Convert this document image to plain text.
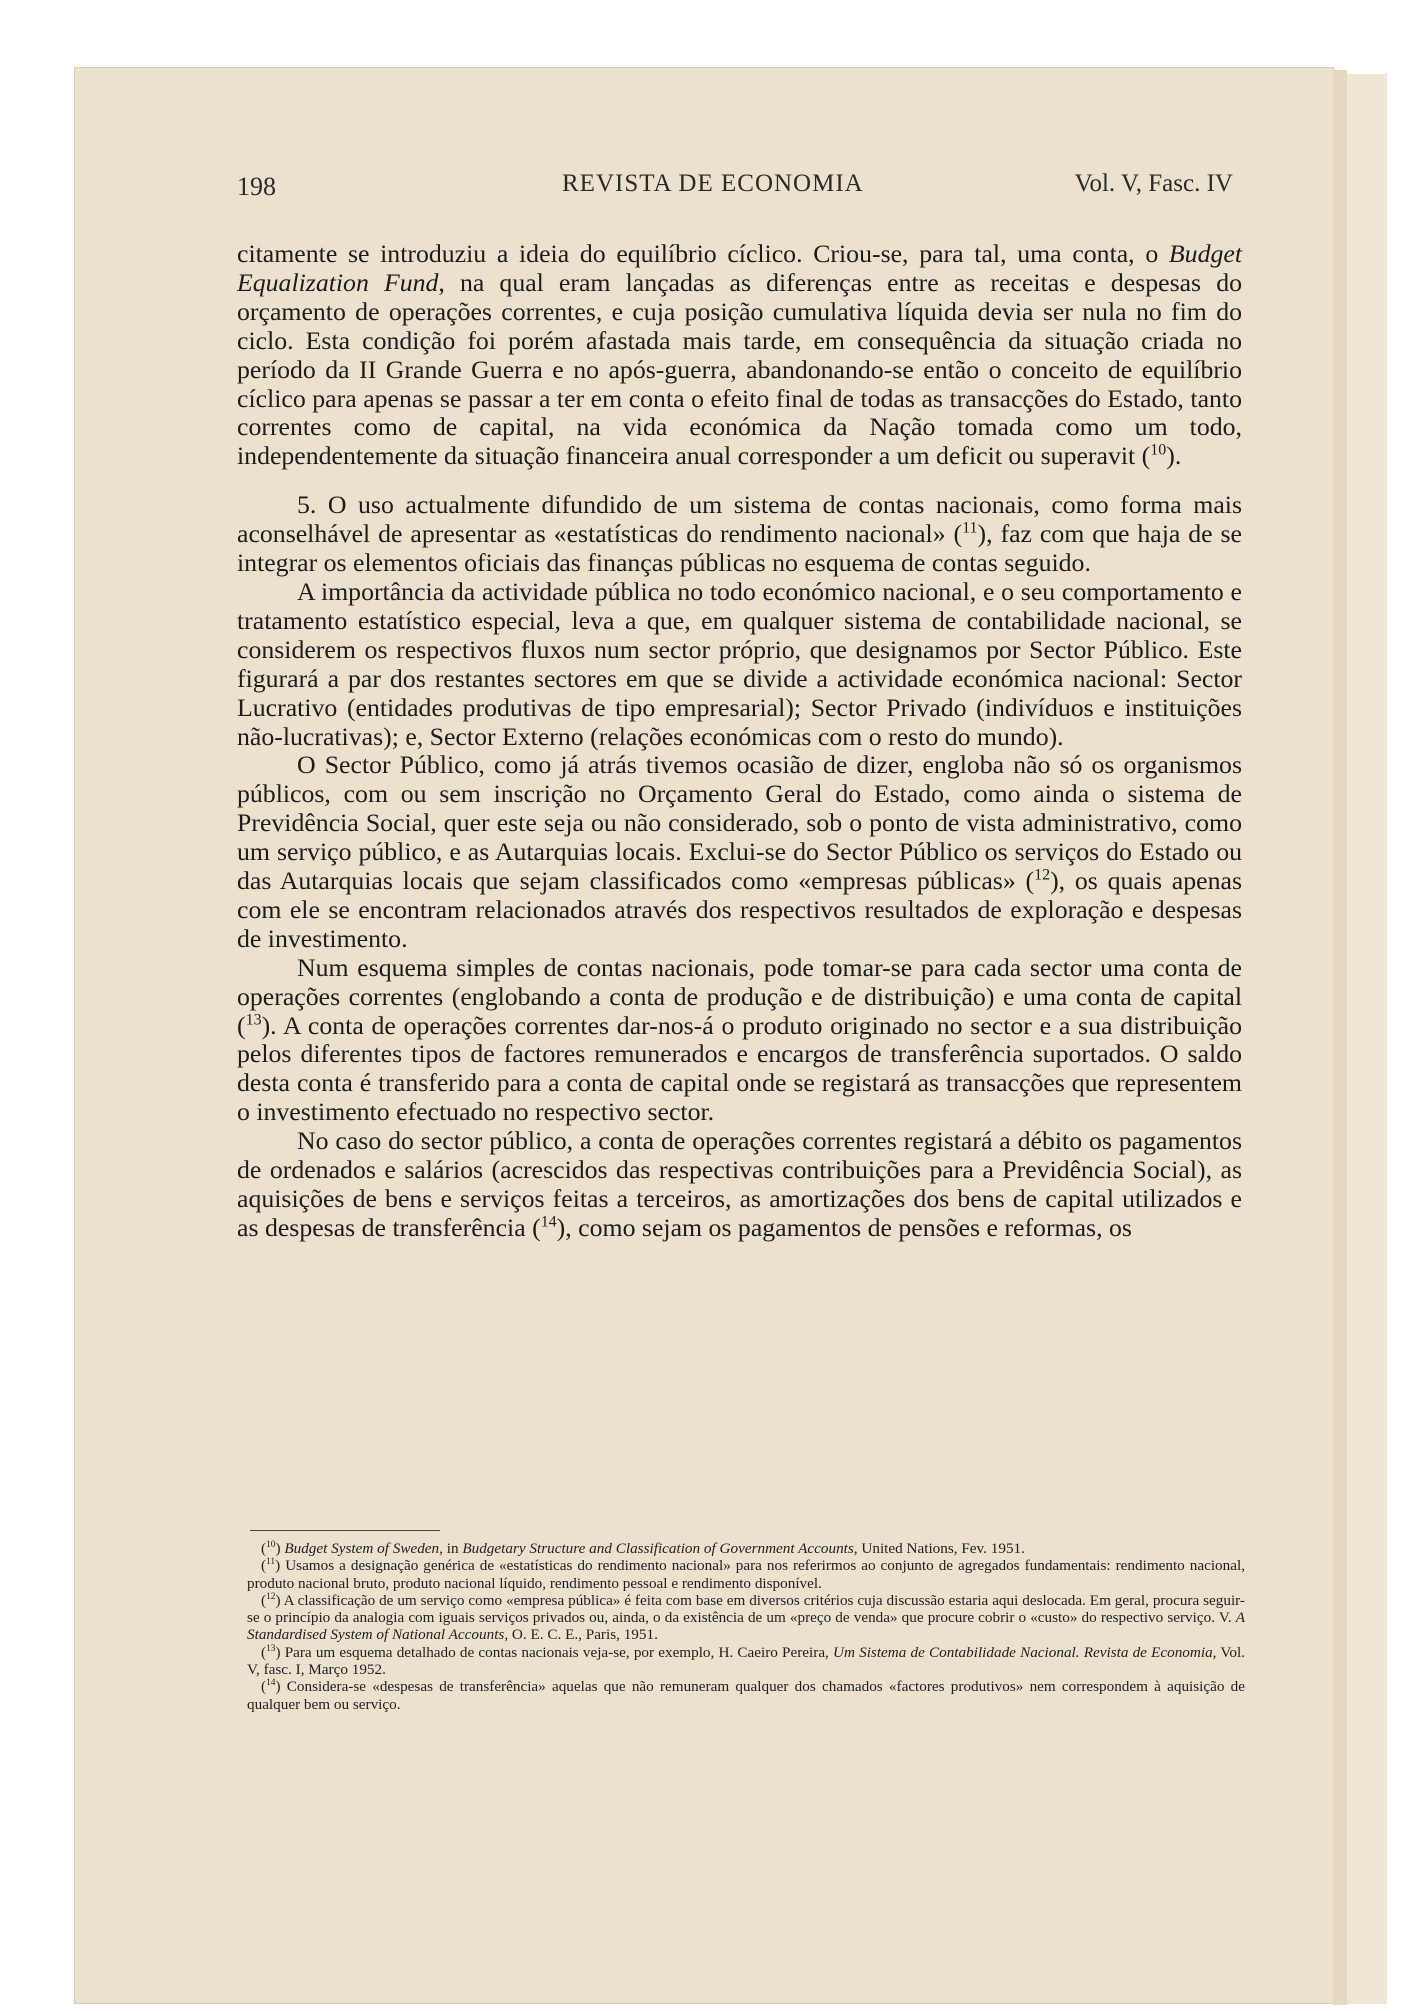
198	REVISTA DE ECONOMIA	Vol. V, Fasc. IV

citamente se introduziu a ideia do equilíbrio cíclico. Criou-se, para tal, uma conta, o Budget Equalization Fund, na qual eram lançadas as diferenças entre as receitas e despesas do orçamento de operações correntes, e cuja posição cumulativa líquida devia ser nula no fim do ciclo. Esta condição foi porém afastada mais tarde, em consequência da situação criada no período da II Grande Guerra e no após-guerra, abandonando-se então o conceito de equilíbrio cíclico para apenas se passar a ter em conta o efeito final de todas as transacções do Estado, tanto correntes como de capital, na vida económica da Nação tomada como um todo, independentemente da situação financeira anual corresponder a um deficit ou superavit ($^{10}$).

5. O uso actualmente difundido de um sistema de contas nacionais, como forma mais aconselhável de apresentar as «estatísticas do rendimento nacional» ($^{11}$), faz com que haja de se integrar os elementos oficiais das finanças públicas no esquema de contas seguido.

A importância da actividade pública no todo económico nacional, e o seu comportamento e tratamento estatístico especial, leva a que, em qualquer sistema de contabilidade nacional, se considerem os respectivos fluxos num sector próprio, que designamos por Sector Público. Este figurará a par dos restantes sectores em que se divide a actividade económica nacional: Sector Lucrativo (entidades produtivas de tipo empresarial); Sector Privado (indivíduos e instituições não-lucrativas); e, Sector Externo (relações económicas com o resto do mundo).

O Sector Público, como já atrás tivemos ocasião de dizer, engloba não só os organismos públicos, com ou sem inscrição no Orçamento Geral do Estado, como ainda o sistema de Previdência Social, quer este seja ou não considerado, sob o ponto de vista administrativo, como um serviço público, e as Autarquias locais. Exclui-se do Sector Público os serviços do Estado ou das Autarquias locais que sejam classificados como «empresas públicas» ($^{12}$), os quais apenas com ele se encontram relacionados através dos respectivos resultados de exploração e despesas de investimento.

Num esquema simples de contas nacionais, pode tomar-se para cada sector uma conta de operações correntes (englobando a conta de produção e de distribuição) e uma conta de capital ($^{13}$). A conta de operações correntes dar-nos-á o produto originado no sector e a sua distribuição pelos diferentes tipos de factores remunerados e encargos de transferência suportados. O saldo desta conta é transferido para a conta de capital onde se registará as transacções que representem o investimento efectuado no respectivo sector.

No caso do sector público, a conta de operações correntes registará a débito os pagamentos de ordenados e salários (acrescidos das respectivas contribuições para a Previdência Social), as aquisições de bens e serviços feitas a terceiros, as amortizações dos bens de capital utilizados e as despesas de transferência ($^{14}$), como sejam os pagamentos de pensões e reformas, os

($^{10}$) Budget System of Sweden, in Budgetary Structure and Classification of Government Accounts, United Nations, Fev. 1951.

($^{11}$) Usamos a designação genérica de «estatísticas do rendimento nacional» para nos referirmos ao conjunto de agregados fundamentais: rendimento nacional, produto nacional bruto, produto nacional líquido, rendimento pessoal e rendimento disponível.

($^{12}$) A classificação de um serviço como «empresa pública» é feita com base em diversos critérios cuja discussão estaria aqui deslocada. Em geral, procura seguir-se o princípio da analogia com iguais serviços privados ou, ainda, o da existência de um «preço de venda» que procure cobrir o «custo» do respectivo serviço. V. A Standardised System of National Accounts, O. E. C. E., Paris, 1951.

($^{13}$) Para um esquema detalhado de contas nacionais veja-se, por exemplo, H. Caeiro Pereira, Um Sistema de Contabilidade Nacional. Revista de Economia, Vol. V, fasc. I, Março 1952.

($^{14}$) Considera-se «despesas de transferência» aquelas que não remuneram qualquer dos chamados «factores produtivos» nem correspondem à aquisição de qualquer bem ou serviço.
